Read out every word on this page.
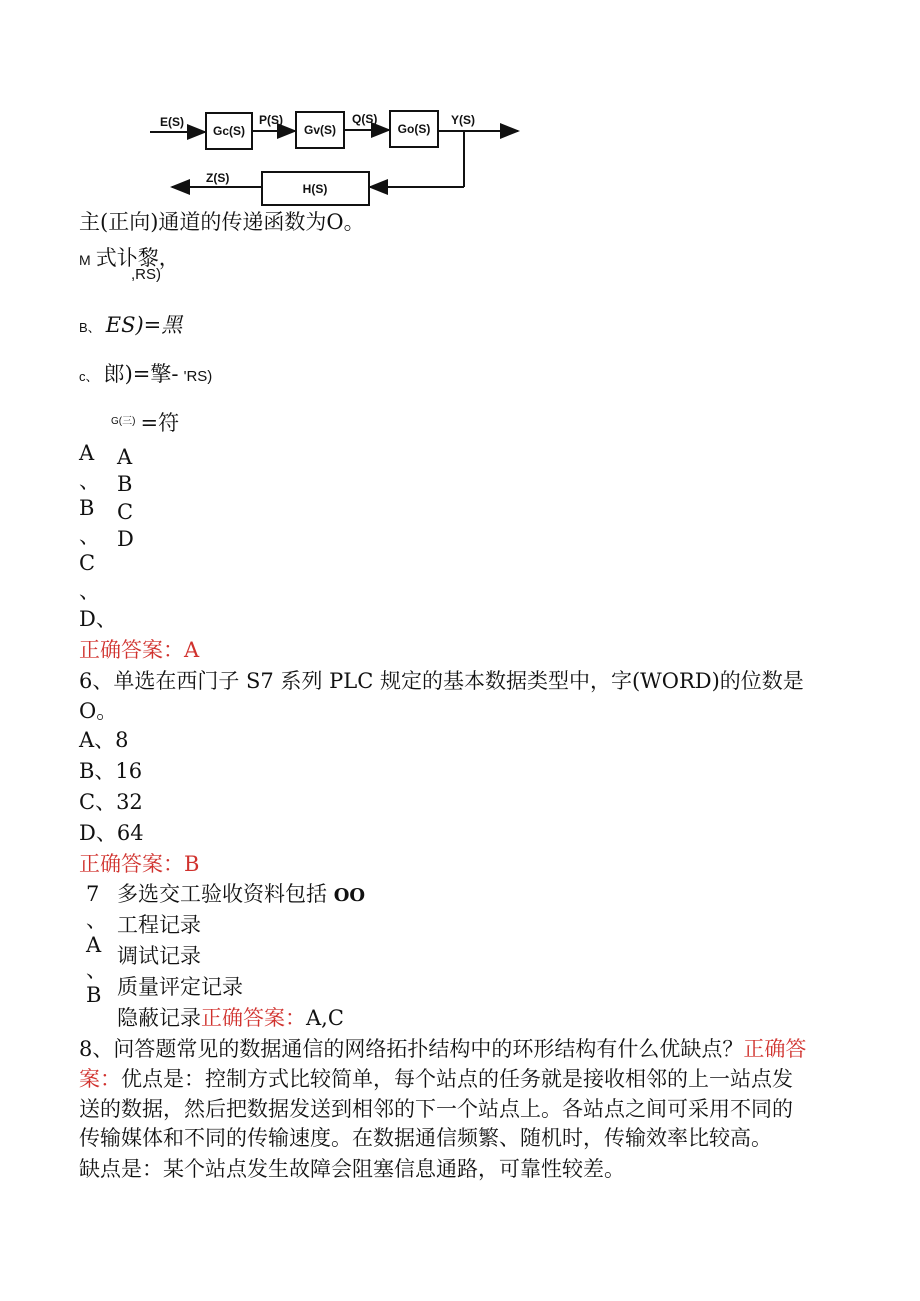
Gc(S)	Gv(S)	Go(S)
H(S)
E(S)	P(S)	Q(S)	Y(S)
Z(S)
主(正向)通道的传递函数为O。
M 式讣黎，
,RS)
B、 ES)=黑
c、 郎)=擎- 'RS)
$^{G(三)}$ =符
A
、
B
、
C
、
D、
A
B
C
D
正确答案：A
6、单选在西门子 S7 系列 PLC 规定的基本数据类型中，字(WORD)的位数是
O。
A、8
B、16
C、32
D、64
正确答案：B
7 多选交工验收资料包括 OO
、
A
、
B
工程记录
调试记录
质量评定记录
隐蔽记录正确答案：A,C
8、问答题常见的数据通信的网络拓扑结构中的环形结构有什么优缺点？正确答
案：优点是：控制方式比较简单，每个站点的任务就是接收相邻的上一站点发
送的数据，然后把数据发送到相邻的下一个站点上。各站点之间可采用不同的
传输媒体和不同的传输速度。在数据通信频繁、随机时，传输效率比较高。
缺点是：某个站点发生故障会阻塞信息通路，可靠性较差。
